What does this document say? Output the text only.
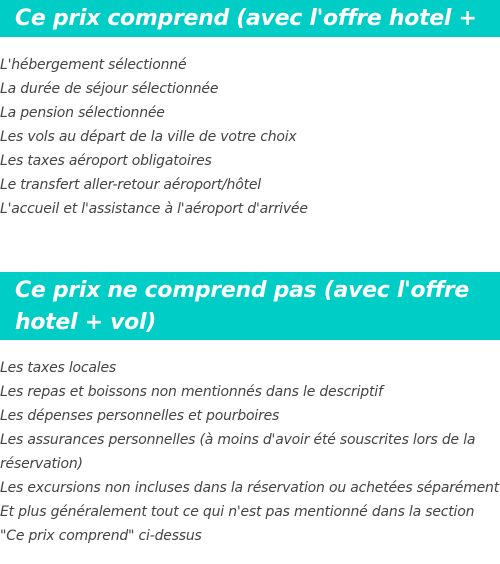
Ce prix comprend (avec l'offre hotel + vol)
L'hébergement sélectionné
La durée de séjour sélectionnée
La pension sélectionnée
Les vols au départ de la ville de votre choix
Les taxes aéroport obligatoires
Le transfert aller-retour aéroport/hôtel
L'accueil et l'assistance à l'aéroport d'arrivée
Ce prix ne comprend pas (avec l'offre hotel + vol)
Les taxes locales
Les repas et boissons non mentionnés dans le descriptif
Les dépenses personnelles et pourboires
Les assurances personnelles (à moins d'avoir été souscrites lors de la réservation)
Les excursions non incluses dans la réservation ou achetées séparément
Et plus généralement tout ce qui n'est pas mentionné dans la section "Ce prix comprend" ci-dessus
